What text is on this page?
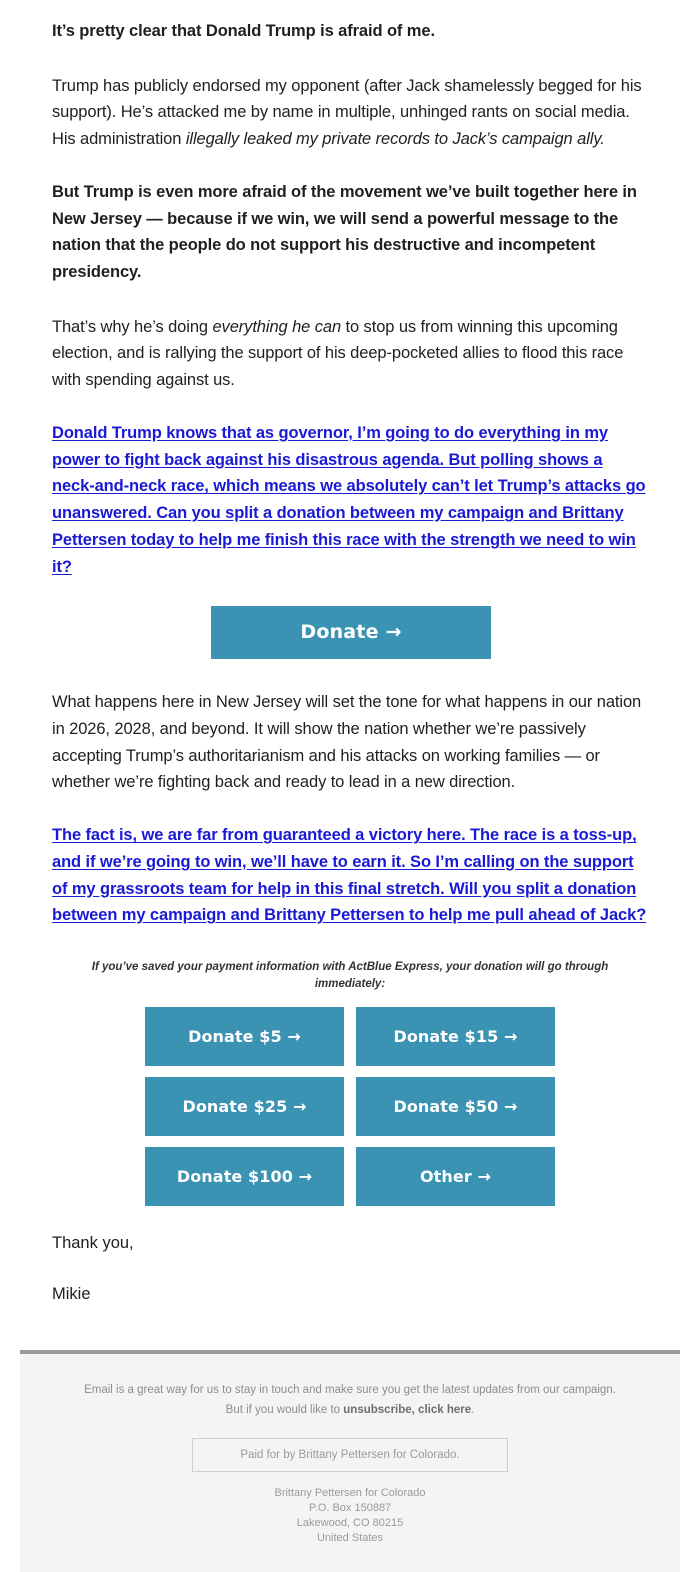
It’s pretty clear that Donald Trump is afraid of me.

Trump has publicly endorsed my opponent (after Jack shamelessly begged for his support). He’s attacked me by name in multiple, unhinged rants on social media. His administration illegally leaked my private records to Jack’s campaign ally.

But Trump is even more afraid of the movement we’ve built together here in New Jersey — because if we win, we will send a powerful message to the nation that the people do not support his destructive and incompetent presidency.

That’s why he’s doing everything he can to stop us from winning this upcoming election, and is rallying the support of his deep-pocketed allies to flood this race with spending against us.

Donald Trump knows that as governor, I’m going to do everything in my power to fight back against his disastrous agenda. But polling shows a neck-and-neck race, which means we absolutely can’t let Trump’s attacks go unanswered. Can you split a donation between my campaign and Brittany Pettersen today to help me finish this race with the strength we need to win it?

Donate →

What happens here in New Jersey will set the tone for what happens in our nation in 2026, 2028, and beyond. It will show the nation whether we’re passively accepting Trump’s authoritarianism and his attacks on working families — or whether we’re fighting back and ready to lead in a new direction.

The fact is, we are far from guaranteed a victory here. The race is a toss-up, and if we’re going to win, we’ll have to earn it. So I’m calling on the support of my grassroots team for help in this final stretch. Will you split a donation between my campaign and Brittany Pettersen to help me pull ahead of Jack?

If you’ve saved your payment information with ActBlue Express, your donation will go through immediately:

Donate $5 →	Donate $15 →
Donate $25 →	Donate $50 →
Donate $100 →	Other →

Thank you,

Mikie

Email is a great way for us to stay in touch and make sure you get the latest updates from our campaign. But if you would like to unsubscribe, click here.

Paid for by Brittany Pettersen for Colorado.
Brittany Pettersen for Colorado
P.O. Box 150887
Lakewood, CO 80215
United States
